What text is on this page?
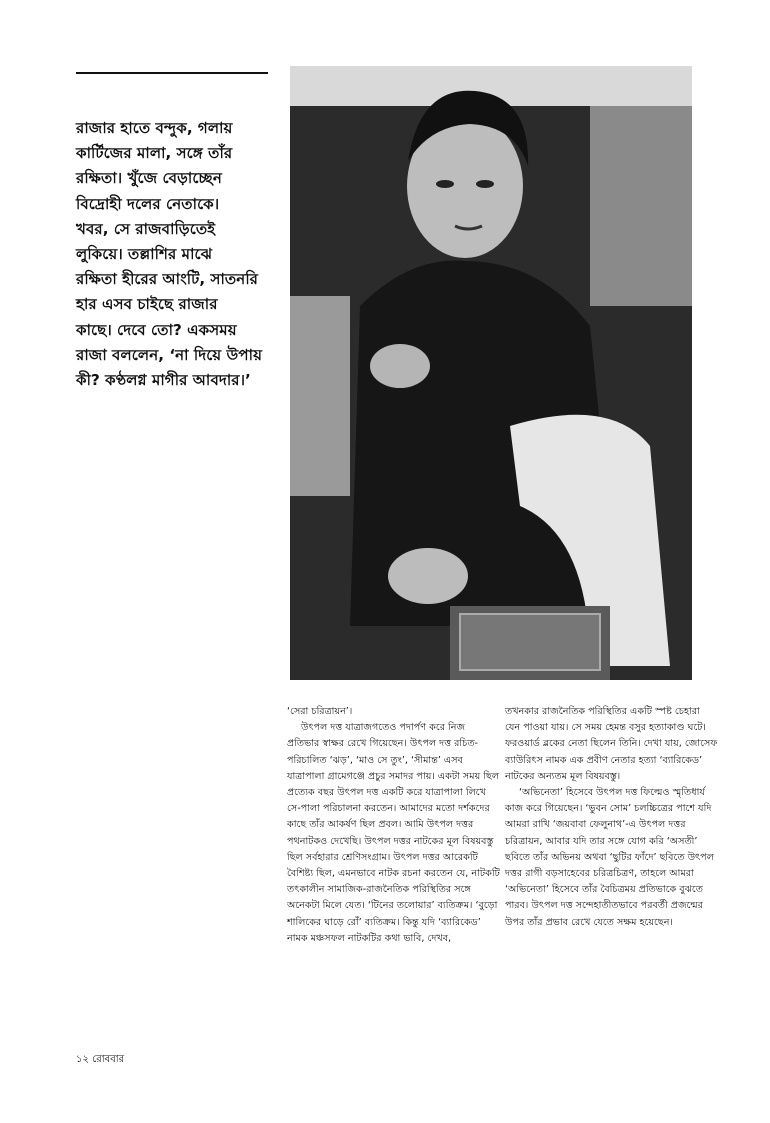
রাজার হাতে বন্দুক, গলায়

কার্টিজের মালা, সঙ্গে তাঁর

রক্ষিতা। খুঁজে বেড়াচ্ছেন

বিদ্রোহী দলের নেতাকে।

খবর, সে রাজবাড়িতেই

লুকিয়ে। তল্লাশির মাঝে

রক্ষিতা হীরের আংটি, সাতনরি

হার এসব চাইছে রাজার

কাছে। দেবে তো? একসময়

রাজা বললেন, ‘না দিয়ে উপায়

কী? কণ্ঠলগ্ন মাগীর আবদার।’

‘সেরা চরিত্রায়ন’।

উৎপল দত্ত যাত্রাজগতেও পদার্পণ করে নিজ প্রতিভার স্বাক্ষর রেখে গিয়েছেন। উৎপল দত্ত রচিত-পরিচালিত ‘ঝড়’, ‘মাও সে তুং’, ‘সীমান্ত’ এসব যাত্রাপালা গ্রামেগঞ্জে প্রচুর সমাদর পায়। একটা সময় ছিল প্রত্যেক বছর উৎপল দত্ত একটি করে যাত্রাপালা লিখে সে-পালা পরিচালনা করতেন। আমাদের মতো দর্শকদের কাছে তাঁর আকর্ষণ ছিল প্রবল। আমি উৎপল দত্তর পথনাটকও দেখেছি। উৎপল দত্তর নাটকের মূল বিষয়বস্তু ছিল সর্বহারার শ্রেণিসংগ্রাম। উৎপল দত্তর আরেকটি বৈশিষ্ট্য ছিল, এমনভাবে নাটক রচনা করতেন যে, নাটকটি তৎকালীন সামাজিক-রাজনৈতিক পরিস্থিতির সঙ্গে অনেকটা মিলে যেত। ‘টিনের তলোয়ার’ ব্যতিক্রম। ‘বুড়ো শালিকের ঘাড়ে রোঁ’ ব্যতিক্রম। কিন্তু যদি ‘ব্যারিকেড’ নামক মঞ্চসফল নাটকটির কথা ভাবি, দেখব,

তখনকার রাজনৈতিক পরিস্থিতির একটি স্পষ্ট চেহারা যেন পাওয়া যায়। সে সময় হেমন্ত বসুর হত্যাকাণ্ড ঘটে। ফরওয়ার্ড ব্লকের নেতা ছিলেন তিনি। দেখা যায়, জোসেফ ব্যাউরিৎস নামক এক প্রবীণ নেতার হত্যা ‘ব্যারিকেড’ নাটকের অন্যতম মূল বিষয়বস্তু।

‘অভিনেতা’ হিসেবে উৎপল দত্ত ফিল্মেও স্মৃতিধার্য কাজ করে গিয়েছেন। ‘ভুবন সোম’ চলচ্চিত্রের পাশে যদি আমরা রাখি ‘জয়বাবা ফেলুনাথ’-এ উৎপল দত্তর চরিত্রায়ন, আবার যদি তার সঙ্গে যোগ করি ‘অসতী’ ছবিতে তাঁর অভিনয় অথবা ‘ছুটির ফাঁদে’ ছবিতে উৎপল দত্তর রাগী বড়সাহেবের চরিত্রচিত্রণ, তাহলে আমরা ‘অভিনেতা’ হিসেবে তাঁর বৈচিত্রময় প্রতিভাকে বুঝতে পারব। উৎপল দত্ত সন্দেহাতীতভাবে পরবর্তী প্রজন্মের উপর তাঁর প্রভাব রেখে যেতে সক্ষম হয়েছেন।

১২ রোববার
